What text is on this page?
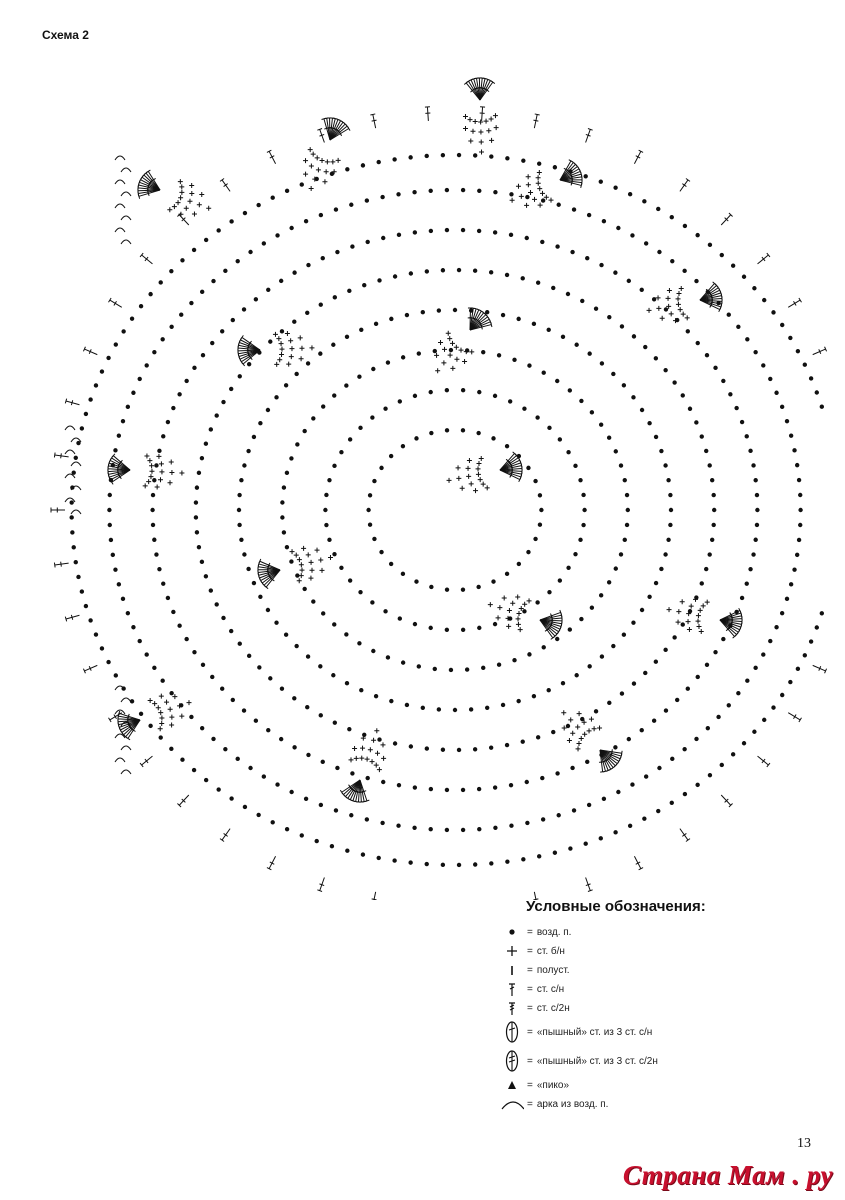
Схема 2
Условные обозначения:
= возд. п.
= ст. б/н
= полуст.
= ст. с/н
= ст. с/2н
= «пышный» ст. из 3 ст. с/н
= «пышный» ст. из 3 ст. с/2н
= «пико»
= арка из возд. п.
13
Страна Мам . ру
